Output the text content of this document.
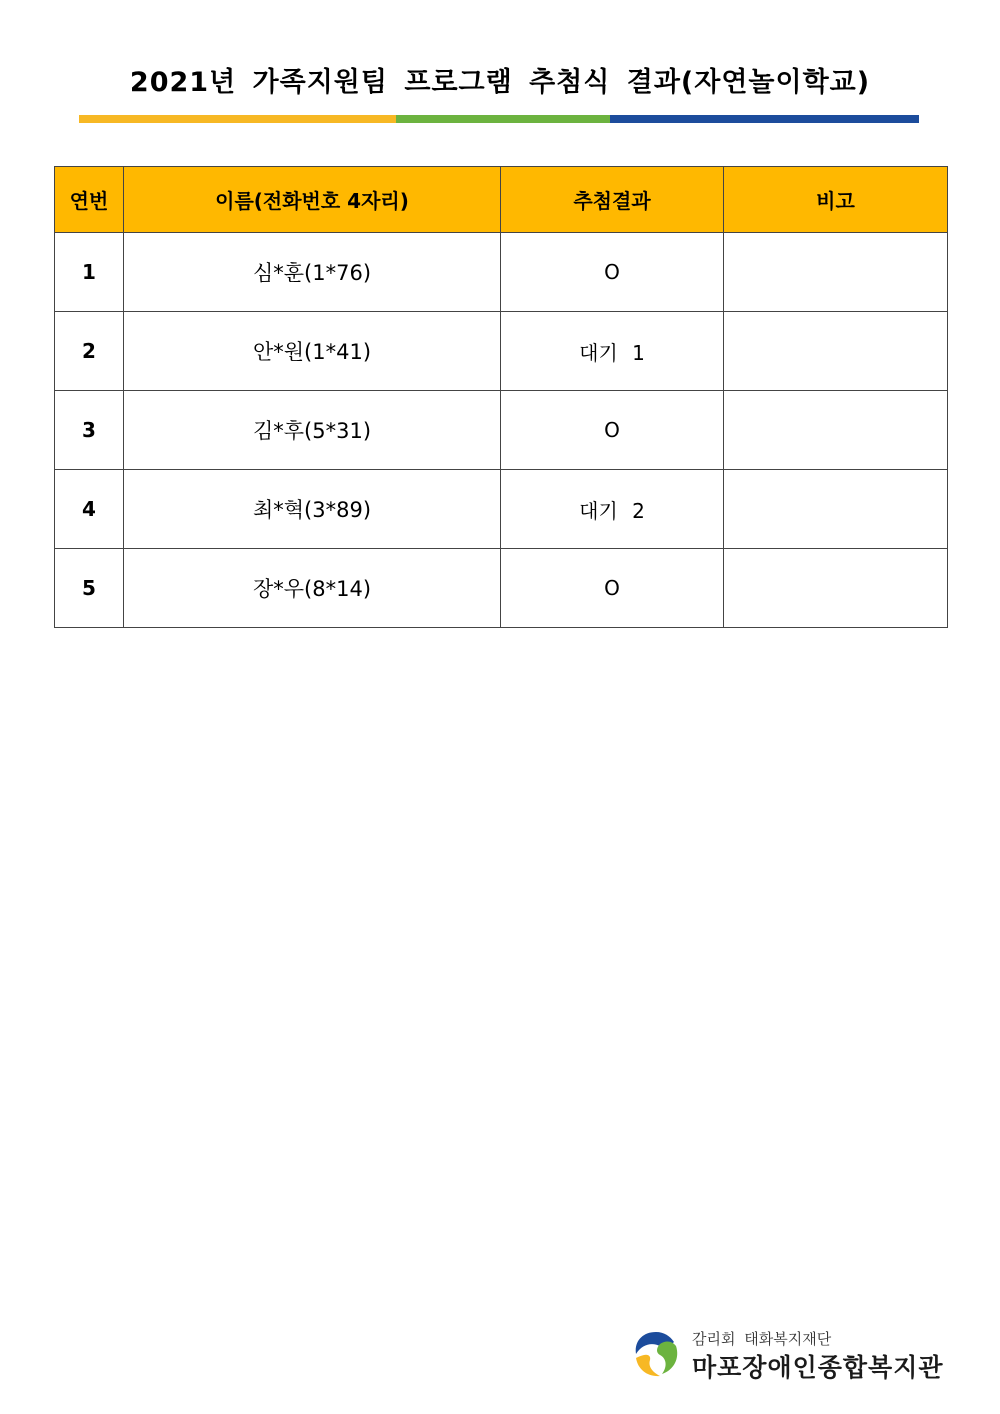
2021년 가족지원팀 프로그램 추첨식 결과(자연놀이학교)
연번	이름(전화번호 4자리)	추첨결과	비고
1	심*훈(1*76)	O	
2	안*원(1*41)	대기 1	
3	김*후(5*31)	O	
4	최*혁(3*89)	대기 2	
5	장*우(8*14)	O	
감리회 태화복지재단
마포장애인종합복지관
